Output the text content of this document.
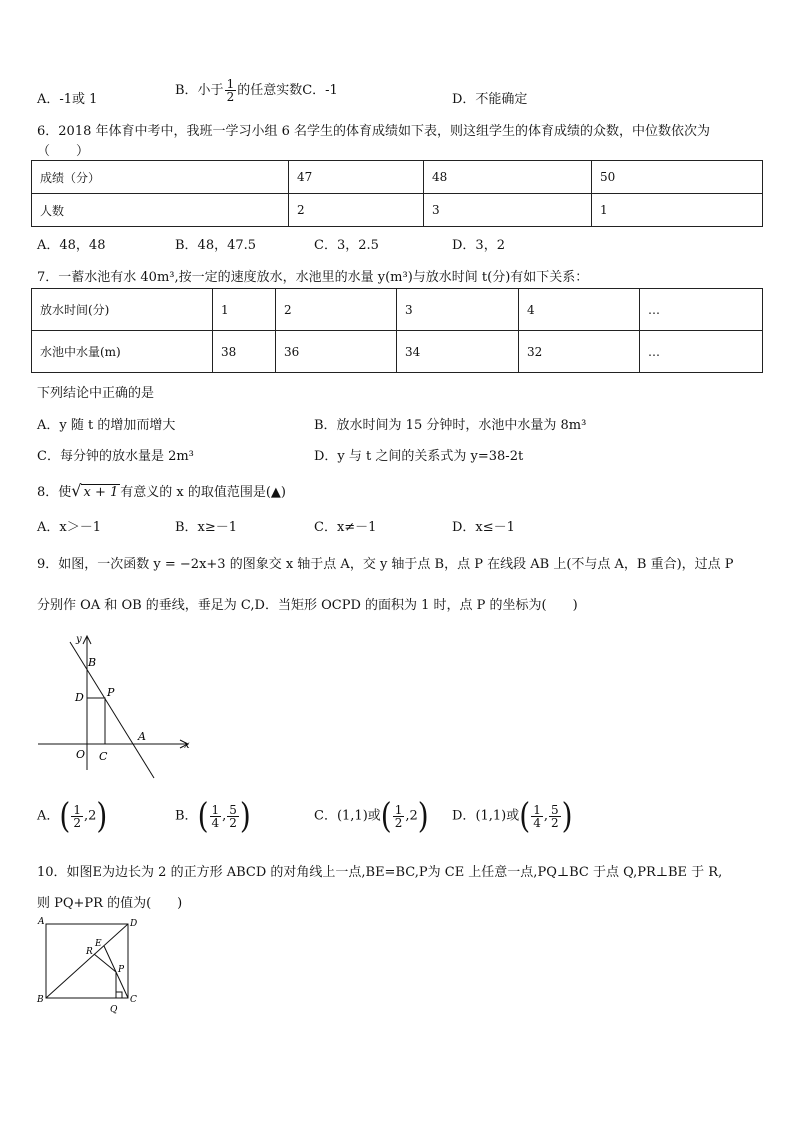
A．-1或 1
B．小于 $\frac{1}{2}$ 的任意实数C．-1
D．不能确定
6．2018 年体育中考中，我班一学习小组 6 名学生的体育成绩如下表，则这组学生的体育成绩的众数，中位数依次为
（　　）
成绩（分）	47	48	50
人数	2	3	1
A．48，48	B．48，47.5	C．3，2.5	D．3，2
7．一蓄水池有水 40m³,按一定的速度放水，水池里的水量 y(m³)与放水时间 t(分)有如下关系：
放水时间(分)	1	2	3	4	…
水池中水量(m)	38	36	34	32	…
下列结论中正确的是
A．y 随 t 的增加而增大	B．放水时间为 15 分钟时，水池中水量为 8m³
C．每分钟的放水量是 2m³	D．y 与 t 之间的关系式为 y=38-2t
8．使√ x + 1 有意义的 x 的取值范围是(▲)
A．x＞－1	B．x≥－1	C．x≠－1	D．x≤－1
9．如图，一次函数 y = −2x+3 的图象交 x 轴于点 A，交 y 轴于点 B，点 P 在线段 AB 上(不与点 A，B 重合)，过点 P
分别作 OA 和 OB 的垂线，垂足为 C,D．当矩形 OCPD 的面积为 1 时，点 P 的坐标为(　　)
y
x
B
D P
A
O C
A．( $\frac{1}{2} ,2$)	B．( $\frac{1}{4}$ , $\frac{5}{2}$ )	C．(1,1)或( $\frac{1}{2} ,2$) D．(1,1)或( $\frac{1}{4}$ , $\frac{5}{2}$ )
10．如图E为边长为 2 的正方形 ABCD 的对角线上一点,BE=BC,P为 CE 上任意一点,PQ⊥BC 于点 Q,PR⊥BE 于 R,
则 PQ+PR 的值为(　　)
A	D
B	C
E
R
P
Q
